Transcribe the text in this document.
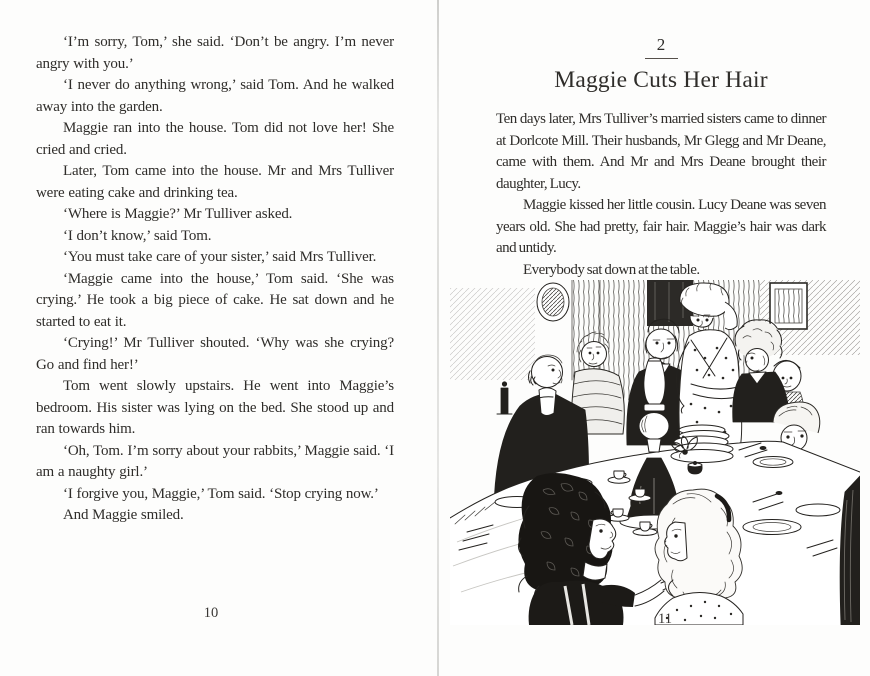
‘I’m sorry, Tom,’ she said. ‘Don’t be angry. I’m never angry with you.’

‘I never do anything wrong,’ said Tom. And he walked away into the garden.

Maggie ran into the house. Tom did not love her! She cried and cried.

Later, Tom came into the house. Mr and Mrs Tulliver were eating cake and drinking tea.

‘Where is Maggie?’ Mr Tulliver asked.

‘I don’t know,’ said Tom.

‘You must take care of your sister,’ said Mrs Tulliver.

‘Maggie came into the house,’ Tom said. ‘She was crying.’ He took a big piece of cake. He sat down and he started to eat it.

‘Crying!’ Mr Tulliver shouted. ‘Why was she crying? Go and find her!’

Tom went slowly upstairs. He went into Maggie’s bedroom. His sister was lying on the bed. She stood up and ran towards him.

‘Oh, Tom. I’m sorry about your rabbits,’ Maggie said. ‘I am a naughty girl.’

‘I forgive you, Maggie,’ Tom said. ‘Stop crying now.’

And Maggie smiled.

10
2
Maggie Cuts Her Hair

Ten days later, Mrs Tulliver’s married sisters came to dinner at Dorlcote Mill. Their husbands, Mr Glegg and Mr Deane, came with them. And Mr and Mrs Deane brought their daughter, Lucy.

Maggie kissed her little cousin. Lucy Deane was seven years old. She had pretty, fair hair. Maggie’s hair was dark and untidy.

Everybody sat down at the table.

11
